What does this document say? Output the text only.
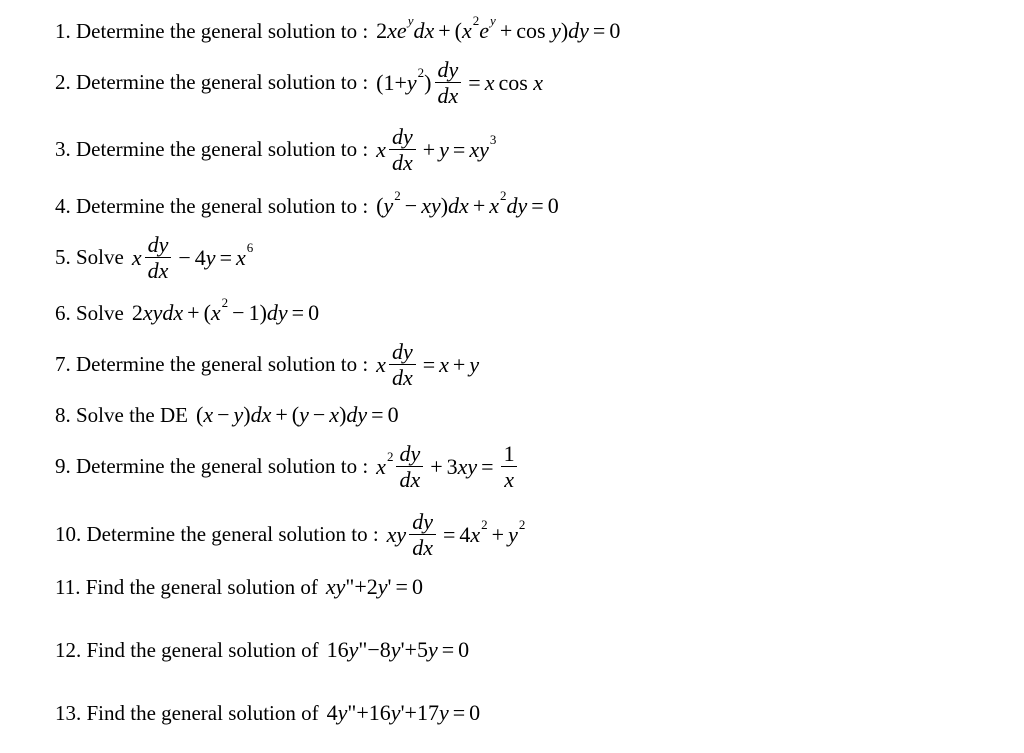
1. Determine the general solution to : 2 xe y dx + ( x 2 e y + cos
y ) dy = 0
2. Determine the general solution to : (1+ y 2 ) $\frac{dy}{dx} = x$ cos
x
3. Determine the general solution to : x $\frac{dy}{dx} + y$ = xy 3
4. Determine the general solution to : ( y 2 − xy ) dx + x 2 dy = 0
5. Solve x $\frac{dy}{dx} - 4$ y = x 6
6. Solve 2 xydx + ( x 2 − 1) dy = 0
7. Determine the general solution to : x $\frac{dy}{dx} = x + y$
8. Solve the DE ( x − y ) dx + ( y − x ) dy = 0
9. Determine the general solution to : x $2 \frac{dy}{dx} + 3$ xy = $\frac{1}{x}$
10. Determine the general solution to : xy $\frac{dy}{dx} = 4$ x 2 + y 2
11. Find the general solution of xy "+ 2 y ' = 0
12. Find the general solution of 16 y "− 8 y '+ 5 y = 0
13. Find the general solution of 4 y "+ 16 y '+ 17 y = 0
